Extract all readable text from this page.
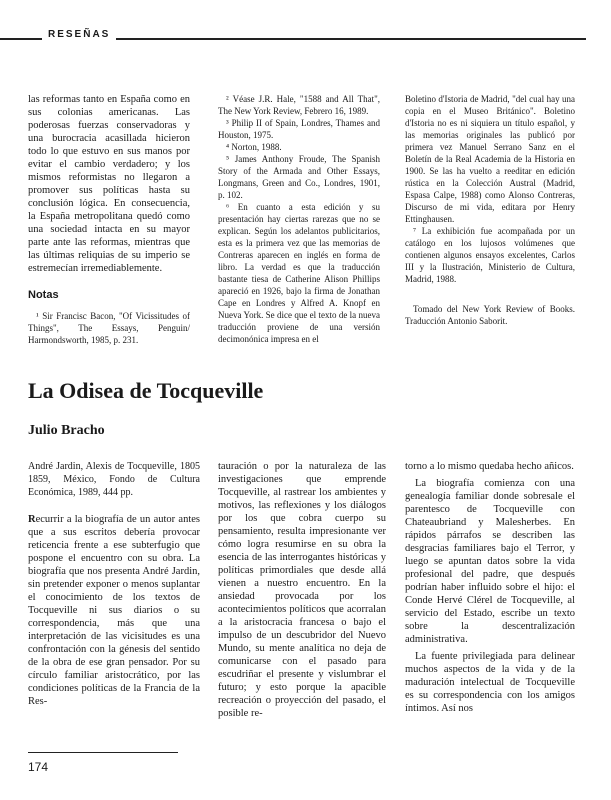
RESEÑAS

las reformas tanto en España como en sus colonias americanas. Las poderosas fuerzas conservadoras y una burocracia acasillada hicieron todo lo que estuvo en sus manos por evitar el cambio verdadero; y los mismos reformistas no llegaron a promover sus políticas hasta su conclusión lógica. En consecuencia, la España metropolitana quedó como una sociedad intacta en su mayor parte ante las reformas, mientras que las últimas reliquias de su imperio se estremecían irremediablemente.

Notas

¹ Sir Francisc Bacon, "Of Vicissitudes of Things", The Essays, Penguin/ Harmondsworth, 1985, p. 231.

² Véase J.R. Hale, "1588 and All That", The New York Review, Febrero 16, 1989.

³ Philip II of Spain, Londres, Thames and Houston, 1975.

⁴ Norton, 1988.

⁵ James Anthony Froude, The Spanish Story of the Armada and Other Essays, Longmans, Green and Co., Londres, 1901, p. 102.

⁶ En cuanto a esta edición y su presentación hay ciertas rarezas que no se explican. Según los adelantos publicitarios, esta es la primera vez que las memorias de Contreras aparecen en inglés en forma de libro. La verdad es que la traducción bastante tiesa de Catherine Alison Phillips apareció en 1926, bajo la firma de Jonathan Cape en Londres y Alfred A. Knopf en Nueva York. Se dice que el texto de la nueva traducción proviene de una versión decimonónica impresa en el

Boletino d'Istoria de Madrid, "del cual hay una copia en el Museo Británico". Boletino d'Istoria no es ni siquiera un título español, y las memorias originales las publicó por primera vez Manuel Serrano Sanz en el Boletín de la Real Academia de la Historia en 1900. Se las ha vuelto a reeditar en edición rústica en la Colección Austral (Madrid, Espasa Calpe, 1988) como Alonso Contreras, Discurso de mi vida, editara por Henry Ettinghausen.

⁷ La exhibición fue acompañada por un catálogo en los lujosos volúmenes que contienen algunos ensayos excelentes, Carlos III y la Ilustración, Ministerio de Cultura, Madrid, 1988.

Tomado del New York Review of Books. Traducción Antonio Saborit.

La Odisea de Tocqueville
Julio Bracho

André Jardin, Alexis de Tocqueville, 1805 1859, México, Fondo de Cultura Económica, 1989, 444 pp.

Recurrir a la biografía de un autor antes que a sus escritos debería provocar reticencia frente a ese subterfugio que pospone el encuentro con su obra. La biografía que nos presenta André Jardin, sin pretender exponer o menos suplantar el conocimiento de los textos de Tocqueville ni sus diarios o su correspondencia, más que una interpretación de las vicisitudes es una confrontación con la génesis del sentido de la obra de ese gran pensador. Por su círculo familiar aristocrático, por las condiciones políticas de la Francia de la Res-

tauración o por la naturaleza de las investigaciones que emprende Tocqueville, al rastrear los ambientes y motivos, las reflexiones y los diálogos por los que cobra cuerpo su pensamiento, resulta impresionante ver cómo logra resumirse en su obra la esencia de las interrogantes históricas y políticas primordiales que desde allá vienen a nuestro encuentro. En la ansiedad provocada por los acontecimientos políticos que acorralan a la aristocracia francesa o bajo el impulso de un descubridor del Nuevo Mundo, su mente analítica no deja de comunicarse con el pasado para escudriñar el presente y vislumbrar el futuro; y esto porque la apacible recreación o proyección del pasado, el posible re-

torno a lo mismo quedaba hecho añicos.

La biografía comienza con una genealogía familiar donde sobresale el parentesco de Tocqueville con Chateaubriand y Malesherbes. En rápidos párrafos se describen las desgracias familiares bajo el Terror, y luego se apuntan datos sobre la vida profesional del padre, que después podrían haber influido sobre el hijo: el Conde Hervé Clérel de Tocqueville, al servicio del Estado, escribe un texto sobre la descentralización administrativa.

La fuente privilegiada para delinear muchos aspectos de la vida y de la maduración intelectual de Tocqueville es su correspondencia con los amigos íntimos. Así nos

174
